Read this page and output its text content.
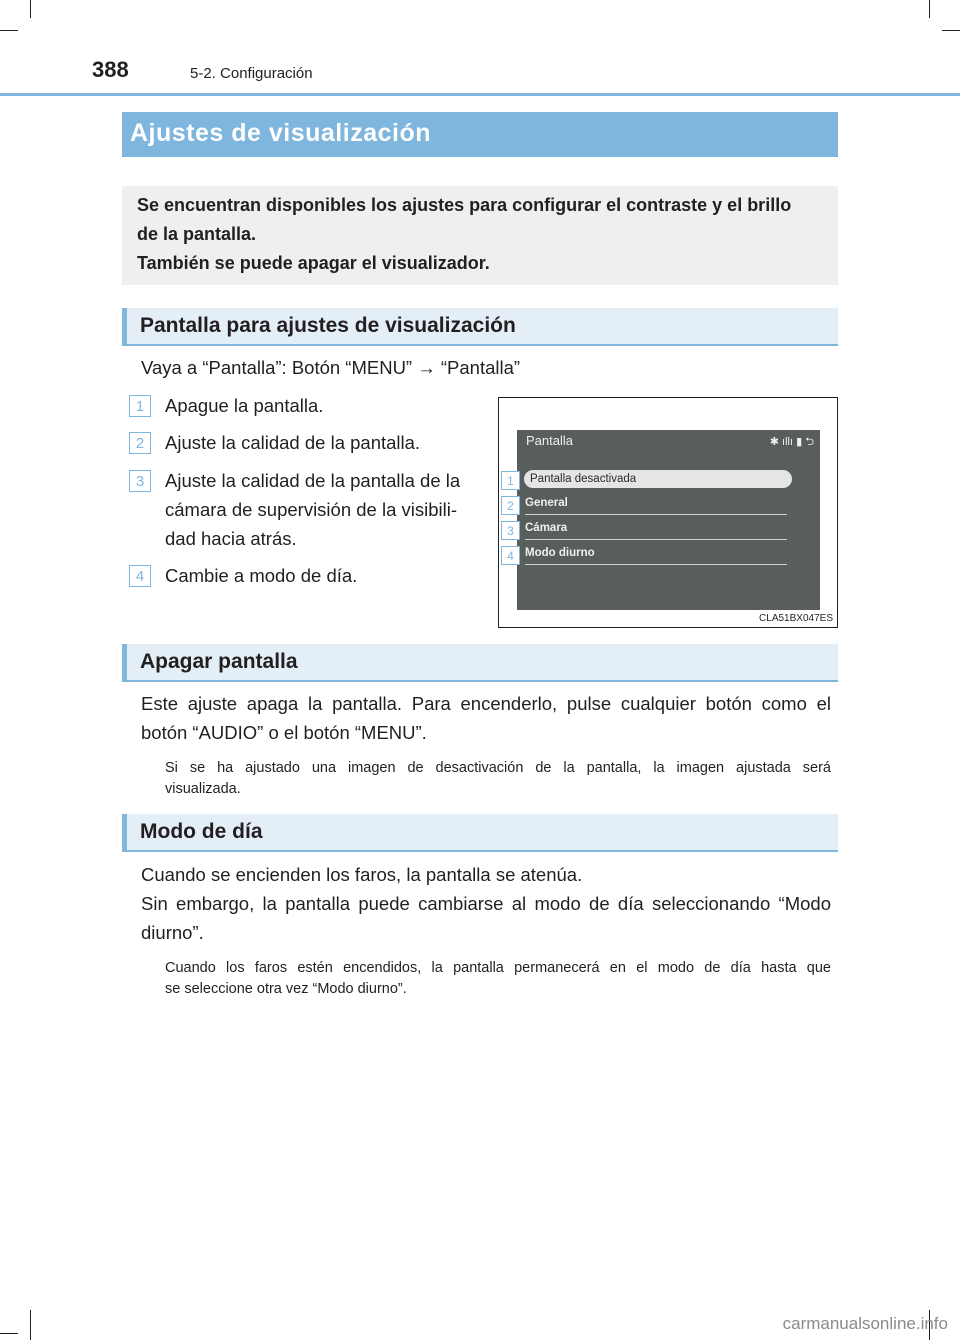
388	5-2. Configuración
Ajustes de visualización

Se encuentran disponibles los ajustes para configurar el contraste y el brillo

de la pantalla.

También se puede apagar el visualizador.

Pantalla para ajustes de visualización

Vaya a “Pantalla”: Botón “MENU” → “Pantalla”

1	Apague la pantalla.

2	Ajuste la calidad de la pantalla.

3	Ajuste la calidad de la pantalla de la

cámara de supervisión de la visibili-

dad hacia atrás.

4	Cambie a modo de día.

Pantalla	✱ ıllı ▮ ⮌
Pantalla desactivada
General
Cámara
Modo diurno
1
2
3
4
CLA51BX047ES
Apagar pantalla

Este ajuste apaga la pantalla. Para encenderlo, pulse cualquier botón como el

botón “AUDIO” o el botón “MENU”.

Si se ha ajustado una imagen de desactivación de la pantalla, la imagen ajustada será

visualizada.

Modo de día

Cuando se encienden los faros, la pantalla se atenúa.

Sin embargo, la pantalla puede cambiarse al modo de día seleccionando “Modo

diurno”.

Cuando los faros estén encendidos, la pantalla permanecerá en el modo de día hasta que

se seleccione otra vez “Modo diurno”.

carmanualsonline.info
